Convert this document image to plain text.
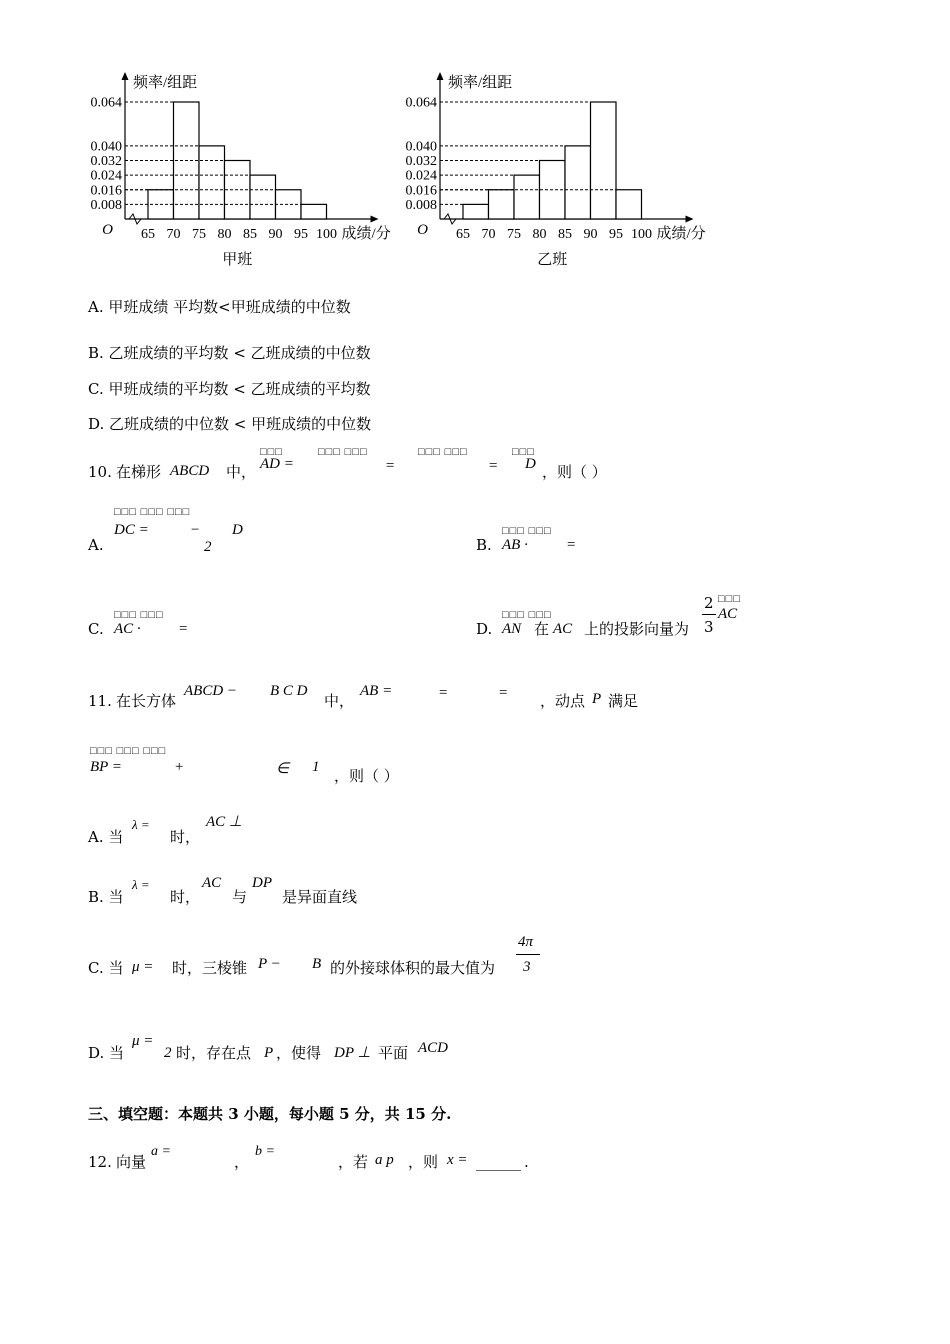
0.064
0.040
0.032
0.024
0.016
0.008
65 70 75 80 85 90 95 100
O
频率/组距
成绩/分
甲班
0.064
0.040
0.032
0.024
0.016
0.008
65 70 75 80 85 90 95 100
O
频率/组距
成绩/分
乙班
A. 甲班成绩 平均数<甲班成绩的中位数
B. 乙班成绩的平均数 < 乙班成绩的中位数
C. 甲班成绩的平均数 < 乙班成绩的平均数
D. 乙班成绩的中位数 < 甲班成绩的中位数
10. 在梯形 ABCD 中，
□□□
AD =
□□□ □□□
=
□□□ □□□
=
□□□
D ，则（ ）
A.
□□□ □□□ □□□
DC =	−
2
D
B.
□□□ □□□
AB ·	=
C.
□□□ □□□
AC · =	D.
□□□ □□□
AN 在 AC 上的投影向量为
2
3
□□□
AC
11. 在长方体
ABCD − B C D
中，
AB =	=	= ，动点 P 满足
□□□ □□□ □□□
BP =	+	∈ 1 ，则（ ）
A. 当
λ =
时，
AC ⊥
B. 当
λ =
时，
AC
与
DP
是异面直线
C. 当 μ = 时，三棱锥 P − B 的外接球体积的最大值为
4π
3
D. 当
μ =
2 时，存在点 P ，使得 DP ⊥ 平面 ACD
三、填空题：本题共 3 小题，每小题 5 分，共 15 分.
12. 向量
a =
，
b =
，若 a p ，则 x = ______ .
